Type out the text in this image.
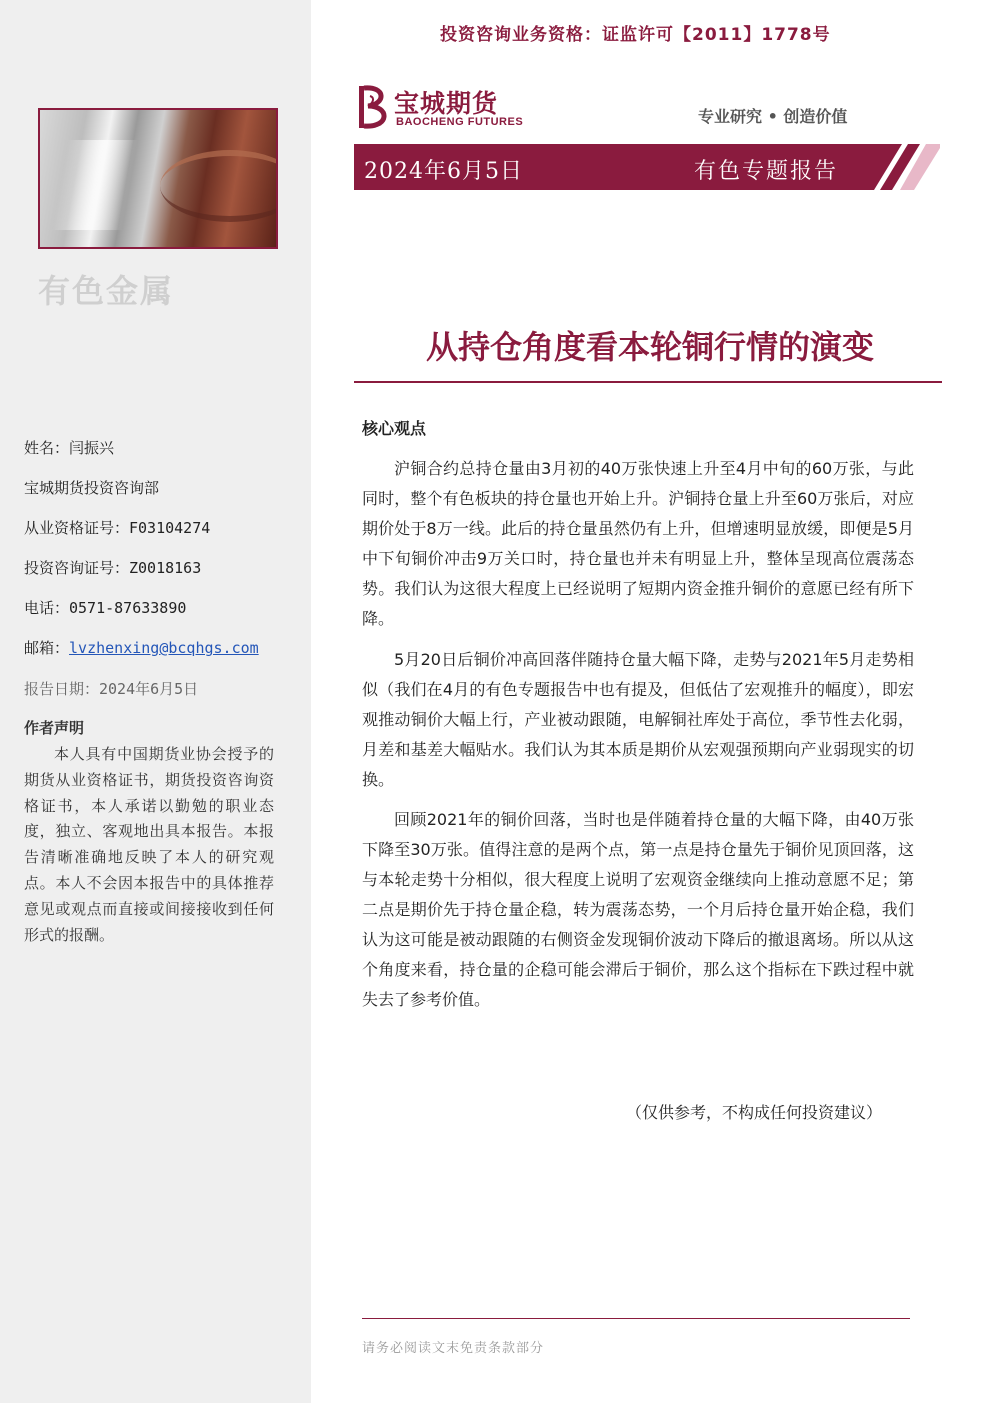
有色金属
姓名：闫振兴
宝城期货投资咨询部
从业资格证号：F03104274
投资咨询证号：Z0018163
电话：0571-87633890
邮箱：lvzhenxing@bcqhgs.com
报告日期：2024年6月5日
作者声明
本人具有中国期货业协会授予的期货从业资格证书，期货投资咨询资格证书，本人承诺以勤勉的职业态度，独立、客观地出具本报告。本报告清晰准确地反映了本人的研究观点。本人不会因本报告中的具体推荐意见或观点而直接或间接接收到任何形式的报酬。
投资咨询业务资格：证监许可【2011】1778号
宝城期货
BAOCHENG FUTURES	专业研究 • 创造价值
2024年6月5日	有色专题报告
从持仓角度看本轮铜行情的演变
核心观点
沪铜合约总持仓量由3月初的40万张快速上升至4月中旬的60万张，与此同时，整个有色板块的持仓量也开始上升。沪铜持仓量上升至60万张后，对应期价处于8万一线。此后的持仓量虽然仍有上升，但增速明显放缓，即便是5月中下旬铜价冲击9万关口时，持仓量也并未有明显上升，整体呈现高位震荡态势。我们认为这很大程度上已经说明了短期内资金推升铜价的意愿已经有所下降。
5月20日后铜价冲高回落伴随持仓量大幅下降，走势与2021年5月走势相似（我们在4月的有色专题报告中也有提及，但低估了宏观推升的幅度），即宏观推动铜价大幅上行，产业被动跟随，电解铜社库处于高位，季节性去化弱，月差和基差大幅贴水。我们认为其本质是期价从宏观强预期向产业弱现实的切换。
回顾2021年的铜价回落，当时也是伴随着持仓量的大幅下降，由40万张下降至30万张。值得注意的是两个点，第一点是持仓量先于铜价见顶回落，这与本轮走势十分相似，很大程度上说明了宏观资金继续向上推动意愿不足；第二点是期价先于持仓量企稳，转为震荡态势，一个月后持仓量开始企稳，我们认为这可能是被动跟随的右侧资金发现铜价波动下降后的撤退离场。所以从这个角度来看，持仓量的企稳可能会滞后于铜价，那么这个指标在下跌过程中就失去了参考价值。
（仅供参考，不构成任何投资建议）
请务必阅读文末免责条款部分
